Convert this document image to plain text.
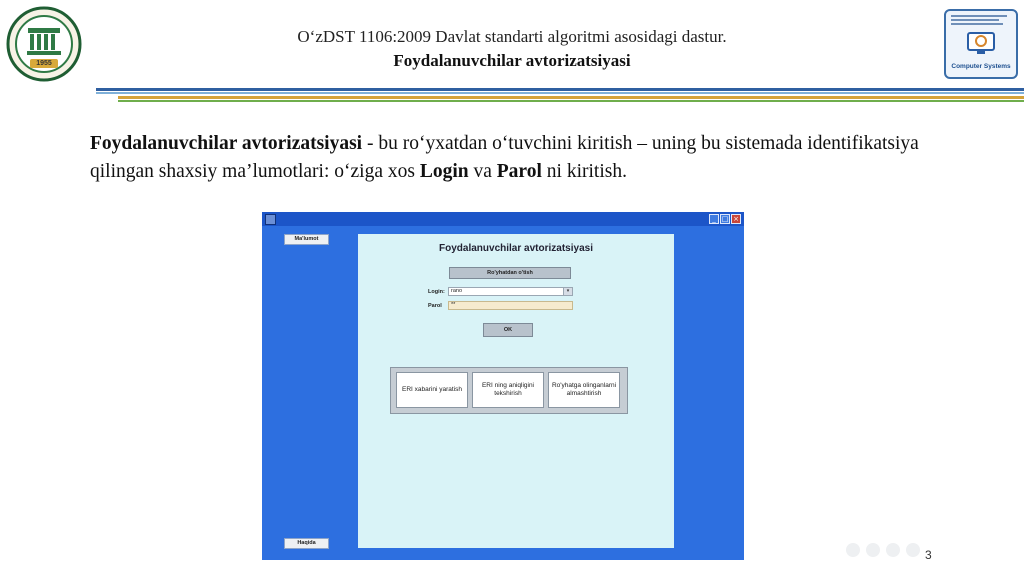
1955
O‘zDST 1106:2009 Davlat standarti algoritmi asosidagi dastur.
Foydalanuvchilar avtorizatsiyasi	Computer Systems
Foydalanuvchilar avtorizatsiyasi - bu ro‘yxatdan o‘tuvchini kiritish – uning bu sistemada identifikatsiya qilingan shaxsiy ma’lumotlari: o‘ziga xos Login va Parol ni kiritish.
_ □ ×
Ma'lumot
Haqida
Foydalanuvchilar avtorizatsiyasi
Ro'yhatdan o'tish
Login:	rano	▾
Parol	**
OK
ERI xabarini yaratish
ERI ning aniqligini tekshirish
Ro'yhatga olinganlarni almashtirish
3
